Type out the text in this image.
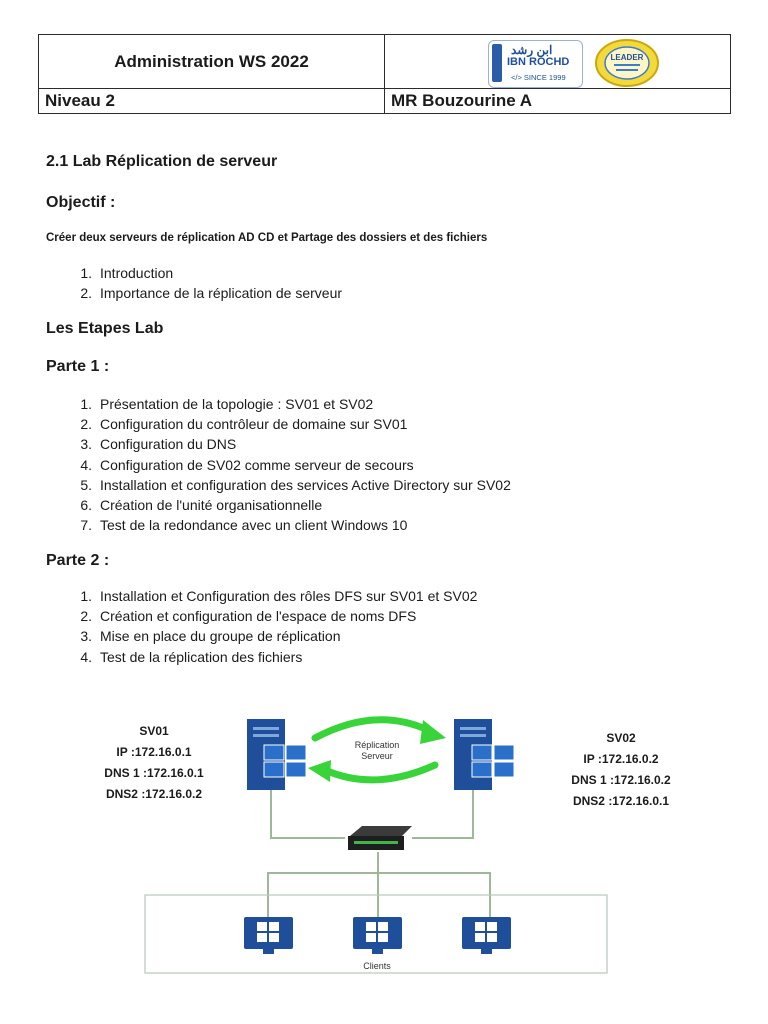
Administration WS 2022	ابن رشد
IBN ROCHD
</> SINCE 1999
LEADER

Niveau 2	MR Bouzourine A
2.1 Lab Réplication de serveur
Objectif :
Créer deux serveurs de réplication AD CD et Partage des dossiers et des fichiers
1 . Introduction
2 . Importance de la réplication de serveur
Les Etapes Lab
Parte 1 :
1 . Présentation de la topologie : SV01 et SV02
2 . Configuration du contrôleur de domaine sur SV01
3 . Configuration du DNS
4 . Configuration de SV02 comme serveur de secours
5 . Installation et configuration des services Active Directory sur SV02
6 . Création de l'unité organisationnelle
7 . Test de la redondance avec un client Windows 10
Parte 2 :
1 . Installation et Configuration des rôles DFS sur SV01 et SV02
2 . Création et configuration de l'espace de noms DFS
3 . Mise en place du groupe de réplication
4 . Test de la réplication des fichiers
Réplication
Serveur
Clients
SV01
IP :172.16.0.1
DNS 1 :172.16.0.1
DNS2 :172.16.0.2
SV02
IP :172.16.0.2
DNS 1 :172.16.0.2
DNS2 :172.16.0.1
